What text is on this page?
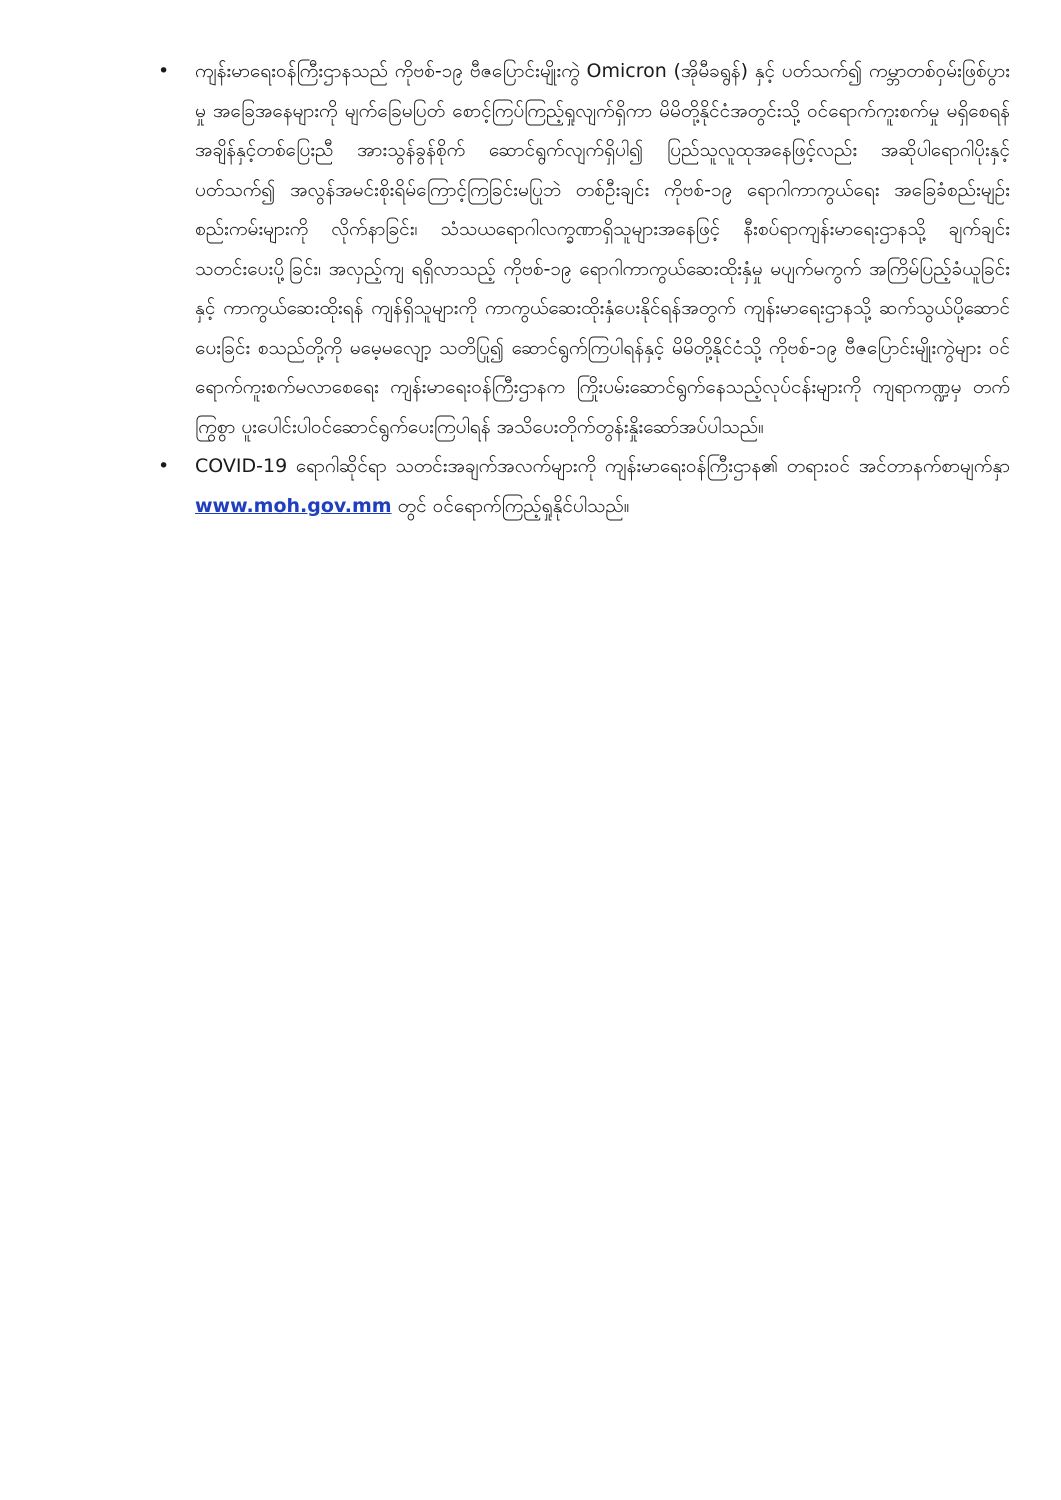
• ကျန်းမာရေးဝန်ကြီးဌာနသည် ကိုဗစ်-၁၉ ဗီဇပြောင်းမျိုးကွဲ Omicron (အိုမီခရွန်) နှင့် ပတ်သက်၍ ကမ္ဘာတစ်ဝှမ်းဖြစ်ပွားမှု အခြေအနေများကို မျက်ခြေမပြတ် စောင့်ကြပ်ကြည့်ရှုလျက်ရှိကာ မိမိတို့နိုင်ငံအတွင်းသို့ ဝင်ရောက်ကူးစက်မှု မရှိစေရန် အချိန်နှင့်တစ်ပြေးညီ အားသွန်ခွန်စိုက် ဆောင်ရွက်လျက်ရှိပါ၍ ပြည်သူလူထုအနေဖြင့်လည်း အဆိုပါရောဂါပိုးနှင့် ပတ်သက်၍ အလွန်အမင်းစိုးရိမ်ကြောင့်ကြခြင်းမပြုဘဲ တစ်ဦးချင်း ကိုဗစ်-၁၉ ရောဂါကာကွယ်ရေး အခြေခံစည်းမျဉ်းစည်းကမ်းများကို လိုက်နာခြင်း၊ သံသယရောဂါလက္ခဏာရှိသူများအနေဖြင့် နီးစပ်ရာကျန်းမာရေးဌာနသို့ ချက်ချင်းသတင်းပေးပို့ခြင်း၊ အလှည့်ကျ ရရှိလာသည့် ကိုဗစ်-၁၉ ရောဂါကာကွယ်ဆေးထိုးနှံမှု မပျက်မကွက် အကြိမ်ပြည့်ခံယူခြင်းနှင့် ကာကွယ်ဆေးထိုးရန် ကျန်ရှိသူများကို ကာကွယ်ဆေးထိုးနှံပေးနိုင်ရန်အတွက် ကျန်းမာရေးဌာနသို့ ဆက်သွယ်ပို့ဆောင်ပေးခြင်း စသည်တို့ကို မမေ့မလျော့ သတိပြု၍ ဆောင်ရွက်ကြပါရန်နှင့် မိမိတို့နိုင်ငံသို့ ကိုဗစ်-၁၉ ဗီဇပြောင်းမျိုးကွဲများ ဝင်ရောက်ကူးစက်မလာစေရေး ကျန်းမာရေးဝန်ကြီးဌာနက ကြိုးပမ်းဆောင်ရွက်နေသည့်လုပ်ငန်းများကို ကျရာကဏ္ဍမှ တက်ကြွစွာ ပူးပေါင်းပါဝင်ဆောင်ရွက်ပေးကြပါရန် အသိပေးတိုက်တွန်းနှိုးဆော်အပ်ပါသည်။
• COVID-19 ရောဂါဆိုင်ရာ သတင်းအချက်အလက်များကို ကျန်းမာရေးဝန်ကြီးဌာန၏ တရားဝင် အင်တာနက်စာမျက်နှာ www.moh.gov.mm တွင် ဝင်ရောက်ကြည့်ရှုနိုင်ပါသည်။
